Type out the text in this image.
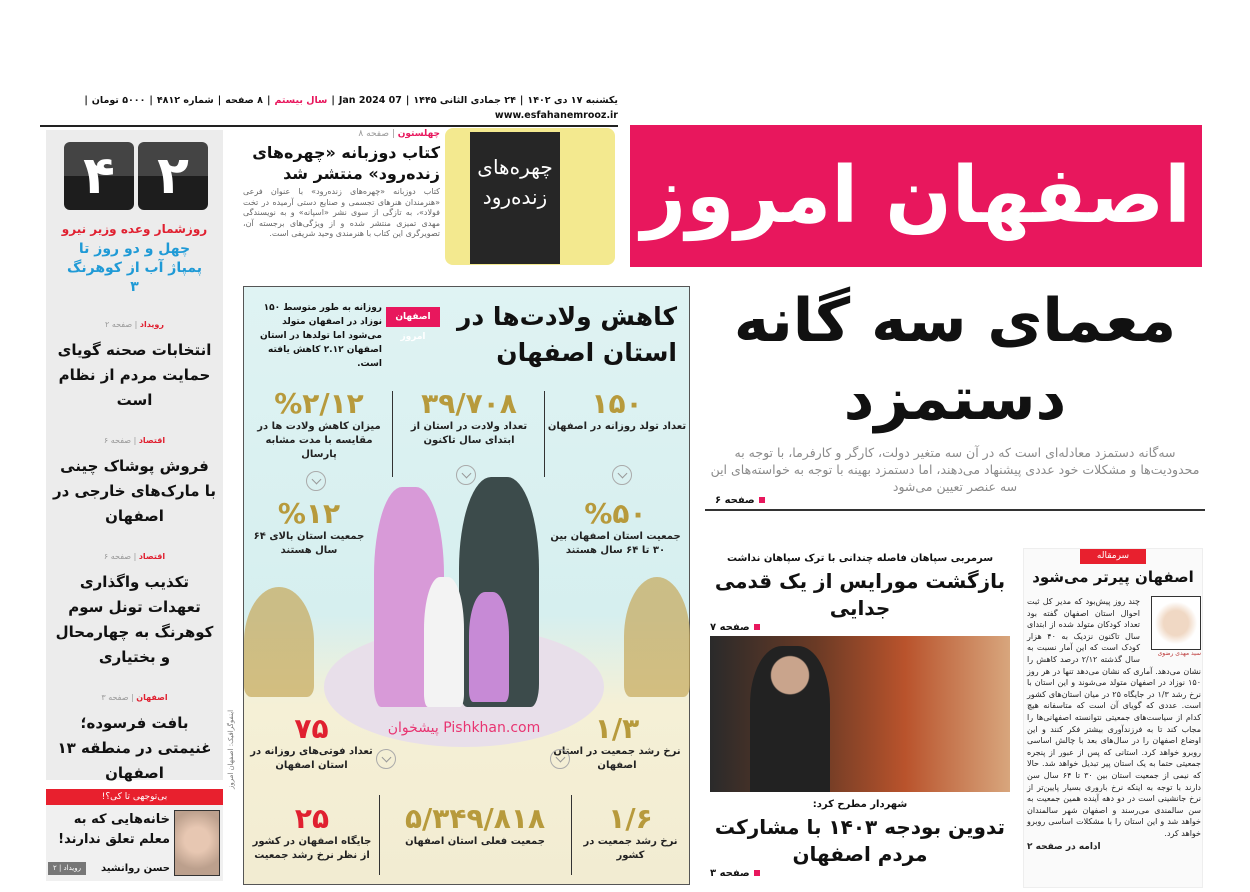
اصفهان امروز
یکشنبه ۱۷ دی ۱۴۰۲
|
۲۴ جمادی الثانی ۱۴۴۵
|
07 Jan 2024
|
سال بیستم
|
۸ صفحه
|
شماره ۴۸۱۲
|
۵۰۰۰ تومان
|
www.esfahanemrooz.ir
معمای سه گانه دستمزد
سه‌گانه دستمزد معادله‌ای است که در آن سه متغیر دولت، کارگر و کارفرما، با توجه به محدودیت‌ها و مشکلات خود عددی پیشنهاد می‌دهند، اما دستمزد بهینه با توجه به خواسته‌های این سه عنصر تعیین می‌شود
صفحه ۶
۴ ۲
روزشمار وعده وزیر نیرو
چهل و دو روز تا پمپاژ آب از کوهرنگ ۳
رویداد | صفحه ۲
انتخابات صحنه گویای حمایت مردم از نظام است
اقتصاد | صفحه ۶
فروش پوشاک چینی با مارک‌های خارجی در اصفهان
اقتصاد | صفحه ۶
تکذیب واگذاری تعهدات تونل سوم کوهرنگ به چهارمحال و بختیاری
اصفهان | صفحه ۳
بافت فرسوده؛ غنیمتی در منطقه ۱۳ اصفهان
بی‌توجهی تا کی؟!
خانه‌هایی که به معلم تعلق ندارند!
حسن روانشید
رویداد | ۲
چهره‌های زنده‌رود
چهلستون | صفحه ۸
کتاب دوزبانه «چهره‌های زنده‌رود» منتشر شد
کتاب دوزبانه «چهره‌های زنده‌رود» با عنوان فرعی «هنرمندان هنرهای تجسمی و صنایع دستی آرمیده در تخت فولاد»، به تازگی از سوی نشر «اسپانه» و به نویسندگی مهدی تمیزی منتشر شده و از ویژگی‌های برجسته آن، تصویرگری این کتاب با هنرمندی وحید شریفی است.
کاهش ولادت‌ها در استان اصفهان
اصفهان امروز
روزانه به طور متوسط ۱۵۰ نوزاد در اصفهان متولد می‌شود اما تولدها در استان اصفهان ۲.۱۲ کاهش یافته است.
پیشخوان Pishkhan.com
۱۵۰
تعداد تولد روزانه در اصفهان
۳۹/۷۰۸
تعداد ولادت در استان از ابتدای سال تاکنون
%۲/۱۲
میزان کاهش ولادت ها در مقایسه با مدت مشابه پارسال
%۵۰
جمعیت استان اصفهان بین ۳۰ تا ۶۴ سال هستند
%۱۲
جمعیت استان بالای ۶۴ سال هستند
۱/۳
نرخ رشد جمعیت در استان اصفهان
۷۵
تعداد فوتی‌های روزانه در استان اصفهان
۱/۶
نرخ رشد جمعیت در کشور
۵/۳۴۹/۸۱۸
جمعیت فعلی استان اصفهان
۲۵
جایگاه اصفهان در کشور از نظر نرخ رشد جمعیت
اینفوگرافیک: اصفهان امروز
سرمربی سپاهان فاصله چندانی با ترک سپاهان نداشت
بازگشت مورایس از یک قدمی جدایی
صفحه ۷
شهردار مطرح کرد:
تدوین بودجه ۱۴۰۳ با مشارکت مردم اصفهان
صفحه ۳
سرمقاله
اصفهان پیرتر می‌شود
سید مهدی رضوی
چند روز پیش‌بود که مدیر کل ثبت احوال استان اصفهان گفته بود تعداد کودکان متولد شده از ابتدای سال تاکنون نزدیک به ۴۰ هزار کودک است که این آمار نسبت به سال گذشته ۲/۱۲ درصد کاهش را نشان می‌دهد. آماری که نشان می‌دهد تنها در هر روز ۱۵۰ نوزاد در اصفهان متولد می‌شوند و این استان با نرخ رشد ۱/۳ در جایگاه ۲۵ در میان استان‌های کشور است. عددی که گویای آن است که متاسفانه هیچ کدام از سیاست‌های جمعیتی نتوانسته اصفهانی‌ها را مجاب کند تا به فرزندآوری بیشتر فکر کنند و این اوضاع اصفهان را در سال‌های بعد با چالش اساسی روبرو خواهد کرد. استانی که پس از عبور از پنجره جمعیتی حتما به یک استان پیر تبدیل خواهد شد. حالا که نیمی از جمعیت استان بین ۳۰ تا ۶۴ سال سن دارند با توجه به اینکه نرخ باروری بسیار پایین‌تر از نرخ جانشینی است در دو دهه آینده همین جمعیت به سن سالمندی می‌رسند و اصفهان شهر سالمندان خواهد شد و این استان را با مشکلات اساسی روبرو خواهد کرد.
ادامه در صفحه ۲
